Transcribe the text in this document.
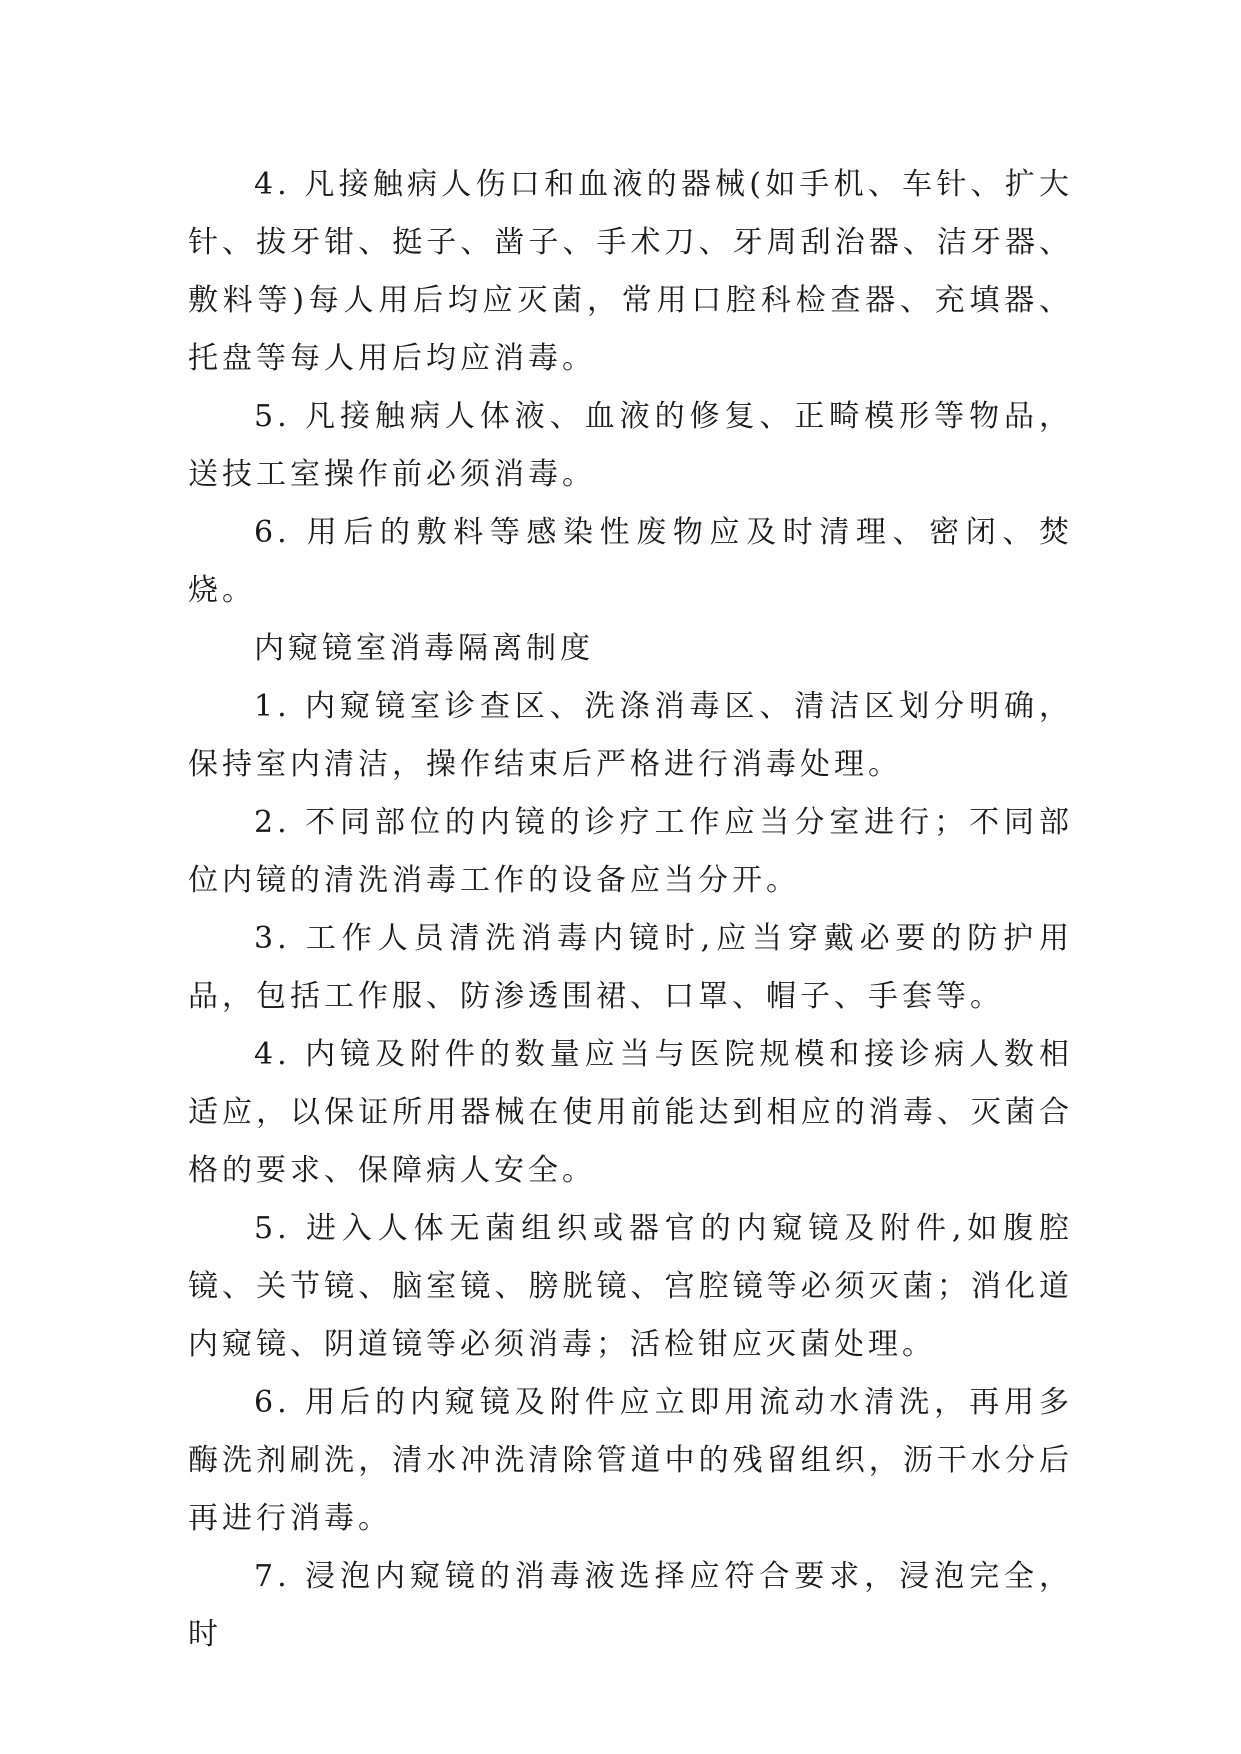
4. 凡接触病人伤口和血液的器械(如手机、车针、扩大针、拔牙钳、挺子、凿子、手术刀、牙周刮治器、洁牙器、敷料等)每人用后均应灭菌，常用口腔科检查器、充填器、托盘等每人用后均应消毒。

5. 凡接触病人体液、血液的修复、正畸模形等物品，送技工室操作前必须消毒。

6. 用后的敷料等感染性废物应及时清理、密闭、焚烧。

内窥镜室消毒隔离制度

1. 内窥镜室诊查区、洗涤消毒区、清洁区划分明确，保持室内清洁，操作结束后严格进行消毒处理。

2. 不同部位的内镜的诊疗工作应当分室进行；不同部位内镜的清洗消毒工作的设备应当分开。

3. 工作人员清洗消毒内镜时,应当穿戴必要的防护用品，包括工作服、防渗透围裙、口罩、帽子、手套等。

4. 内镜及附件的数量应当与医院规模和接诊病人数相适应，以保证所用器械在使用前能达到相应的消毒、灭菌合格的要求、保障病人安全。

5. 进入人体无菌组织或器官的内窥镜及附件,如腹腔镜、关节镜、脑室镜、膀胱镜、宫腔镜等必须灭菌；消化道内窥镜、阴道镜等必须消毒；活检钳应灭菌处理。

6. 用后的内窥镜及附件应立即用流动水清洗，再用多酶洗剂刷洗，清水冲洗清除管道中的残留组织，沥干水分后再进行消毒。

7. 浸泡内窥镜的消毒液选择应符合要求，浸泡完全，时
